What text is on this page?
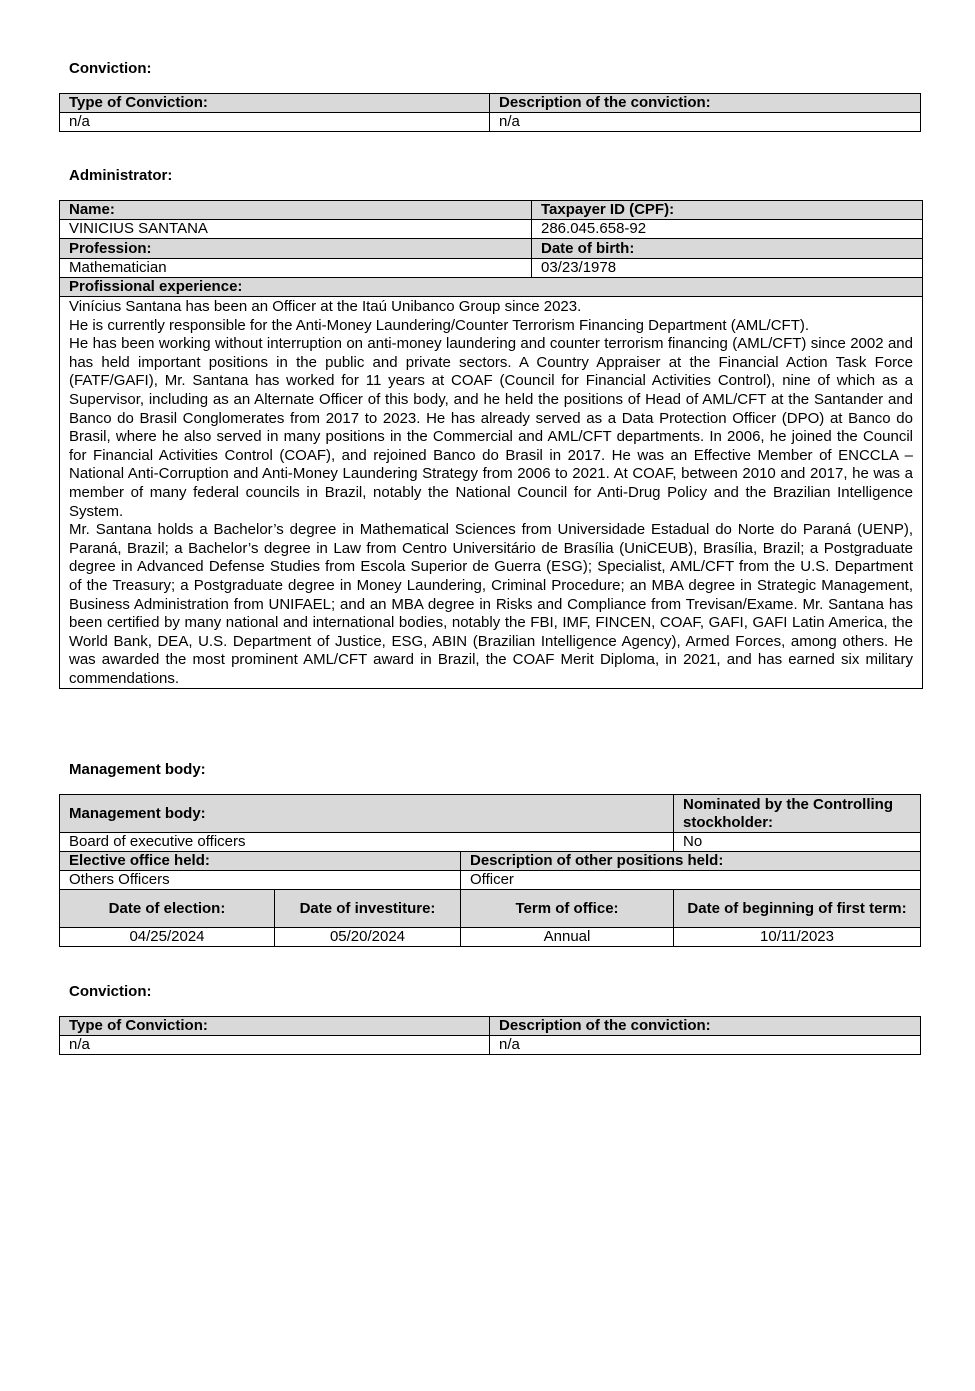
Conviction:
Type of Conviction:	Description of the conviction:
n/a	n/a
Administrator:
Name:	Taxpayer ID (CPF):
VINICIUS SANTANA	286.045.658-92
Profession:	Date of birth:
Mathematician	03/23/1978
Profissional experience:	

Vinícius Santana has been an Officer at the Itaú Unibanco Group since 2023.
He is currently responsible for the Anti-Money Laundering/Counter Terrorism Financing Department (AML/CFT).
He has been working without interruption on anti-money laundering and counter terrorism financing (AML/CFT) since 2002 and has held important positions in the public and private sectors. A Country Appraiser at the Financial Action Task Force (FATF/GAFI), Mr. Santana has worked for 11 years at COAF (Council for Financial Activities Control), nine of which as a Supervisor, including as an Alternate Officer of this body, and he held the positions of Head of AML/CFT at the Santander and Banco do Brasil Conglomerates from 2017 to 2023. He has already served as a Data Protection Officer (DPO) at Banco do Brasil, where he also served in many positions in the Commercial and AML/CFT departments. In 2006, he joined the Council for Financial Activities Control (COAF), and rejoined Banco do Brasil in 2017. He was an Effective Member of ENCCLA – National Anti-Corruption and Anti-Money Laundering Strategy from 2006 to 2021. At COAF, between 2010 and 2017, he was a member of many federal councils in Brazil, notably the National Council for Anti-Drug Policy and the Brazilian Intelligence System.
Mr. Santana holds a Bachelor’s degree in Mathematical Sciences from Universidade Estadual do Norte do Paraná (UENP), Paraná, Brazil; a Bachelor’s degree in Law from Centro Universitário de Brasília (UniCEUB), Brasília, Brazil; a Postgraduate degree in Advanced Defense Studies from Escola Superior de Guerra (ESG); Specialist, AML/CFT from the U.S. Department of the Treasury; a Postgraduate degree in Money Laundering, Criminal Procedure; an MBA degree in Strategic Management, Business Administration from UNIFAEL; and an MBA degree in Risks and Compliance from Trevisan/Exame. Mr. Santana has been certified by many national and international bodies, notably the FBI, IMF, FINCEN, COAF, GAFI, GAFI Latin America, the World Bank, DEA, U.S. Department of Justice, ESG, ABIN (Brazilian Intelligence Agency), Armed Forces, among others. He was awarded the most prominent AML/CFT award in Brazil, the COAF Merit Diploma, in 2021, and has earned six military commendations.	
Management body:
Management body:			Nominated by the Controlling stockholder:
Board of executive officers			No
Elective office held:		Description of other positions held:	
Others Officers		Officer	
Date of election:	Date of investiture:	Term of office:	Date of beginning of first term:
04/25/2024	05/20/2024	Annual	10/11/2023
Conviction:
Type of Conviction:	Description of the conviction:
n/a	n/a
